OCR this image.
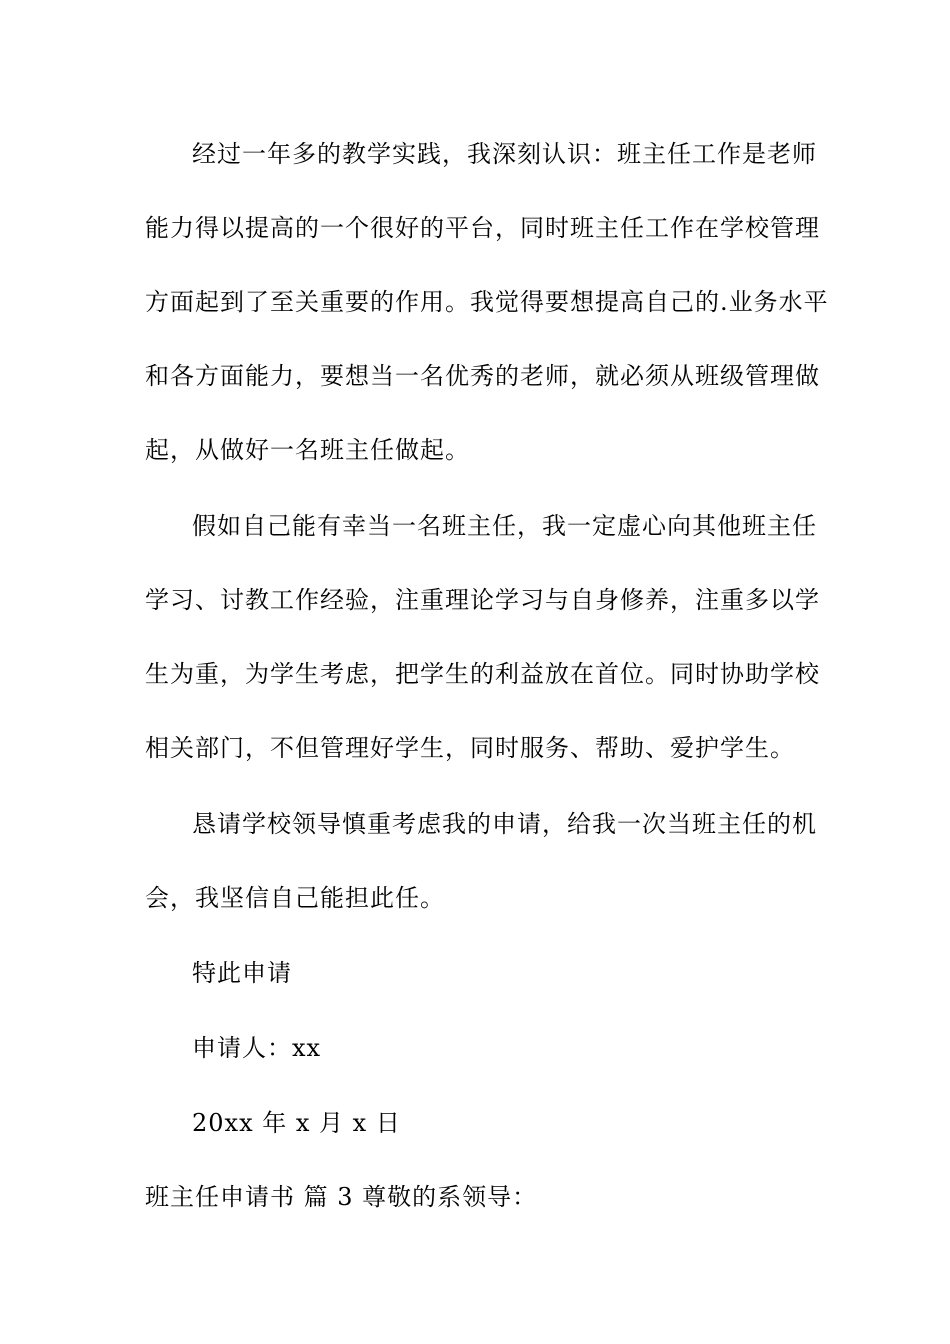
经过一年多的教学实践，我深刻认识：班主任工作是老师
能力得以提高的一个很好的平台，同时班主任工作在学校管理
方面起到了至关重要的作用。我觉得要想提高自己的.业务水平
和各方面能力，要想当一名优秀的老师，就必须从班级管理做
起，从做好一名班主任做起。
假如自己能有幸当一名班主任，我一定虚心向其他班主任
学习、讨教工作经验，注重理论学习与自身修养，注重多以学
生为重，为学生考虑，把学生的利益放在首位。同时协助学校
相关部门，不但管理好学生，同时服务、帮助、爱护学生。
恳请学校领导慎重考虑我的申请，给我一次当班主任的机
会，我坚信自己能担此任。
特此申请
申请人：xx
20xx 年 x 月 x 日
班主任申请书 篇 3 尊敬的系领导：
